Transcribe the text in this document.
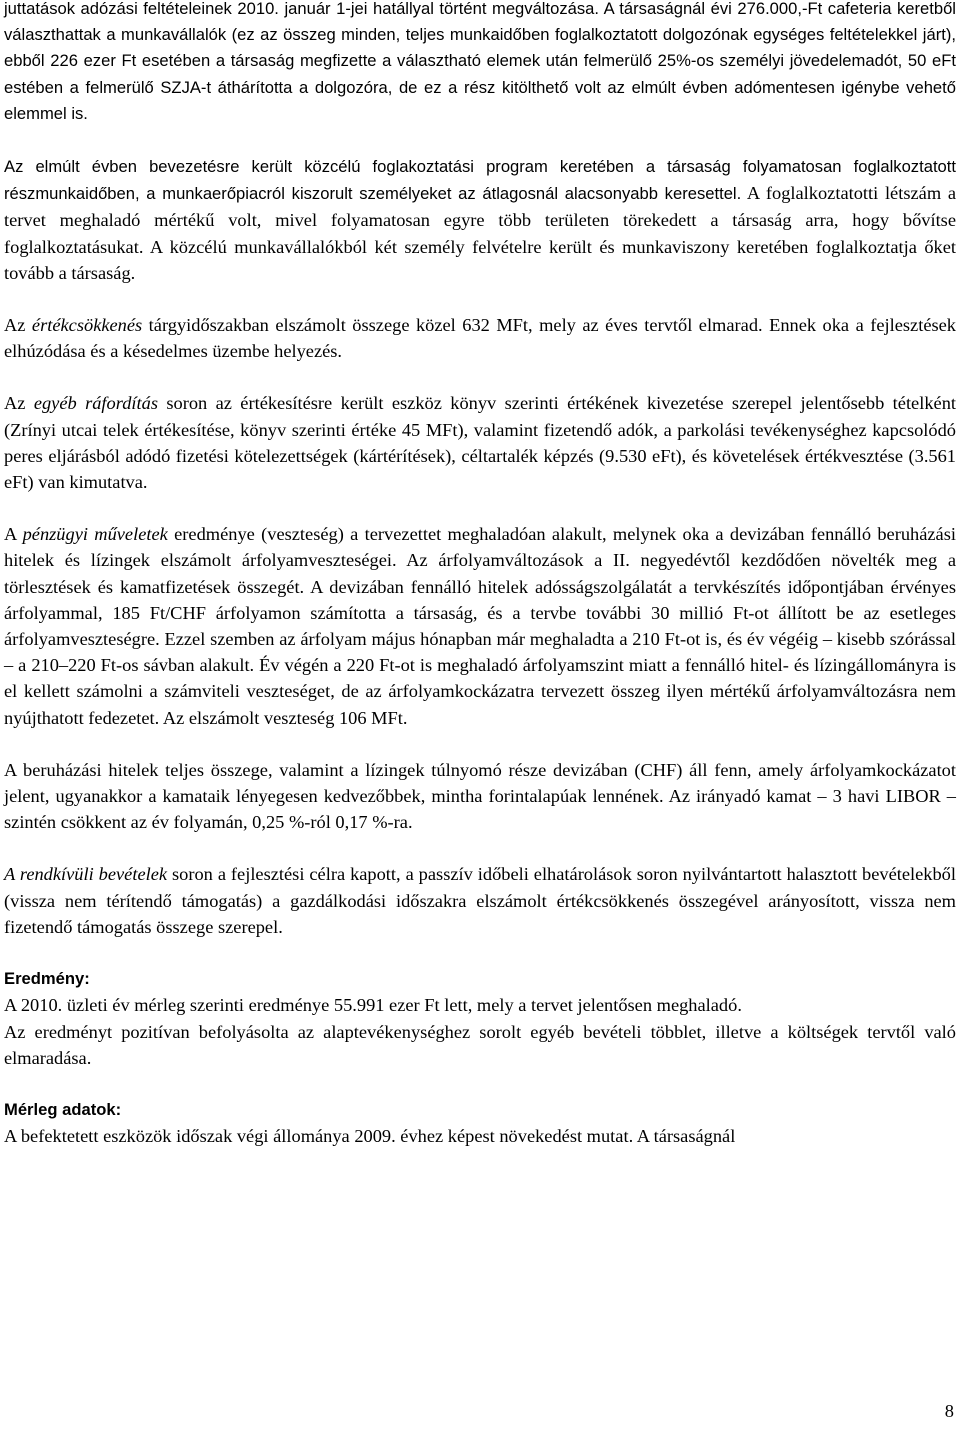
juttatások adózási feltételeinek 2010. január 1-jei hatállyal történt megváltozása. A társaságnál évi 276.000,-Ft cafeteria keretből választhattak a munkavállalók (ez az összeg minden, teljes munkaidőben foglalkoztatott dolgozónak egységes feltételekkel járt), ebből 226 ezer Ft esetében a társaság megfizette a választható elemek után felmerülő 25%-os személyi jövedelemadót, 50 eFt estében a felmerülő SZJA-t áthárította a dolgozóra, de ez a rész kitölthető volt az elmúlt évben adómentesen igénybe vehető elemmel is.

Az elmúlt évben bevezetésre került közcélú foglakoztatási program keretében a társaság folyamatosan foglalkoztatott részmunkaidőben, a munkaerőpiacról kiszorult személyeket az átlagosnál alacsonyabb keresettel. A foglalkoztatotti létszám a tervet meghaladó mértékű volt, mivel folyamatosan egyre több területen törekedett a társaság arra, hogy bővítse foglalkoztatásukat. A közcélú munkavállalókból két személy felvételre került és munkaviszony keretében foglalkoztatja őket tovább a társaság.

Az értékcsökkenés tárgyidőszakban elszámolt összege közel 632 MFt, mely az éves tervtől elmarad. Ennek oka a fejlesztések elhúzódása és a késedelmes üzembe helyezés.

Az egyéb ráfordítás soron az értékesítésre került eszköz könyv szerinti értékének kivezetése szerepel jelentősebb tételként (Zrínyi utcai telek értékesítése, könyv szerinti értéke 45 MFt), valamint fizetendő adók, a parkolási tevékenységhez kapcsolódó peres eljárásból adódó fizetési kötelezettségek (kártérítések), céltartalék képzés (9.530 eFt), és követelések értékvesztése (3.561 eFt) van kimutatva.

A pénzügyi műveletek eredménye (veszteség) a tervezettet meghaladóan alakult, melynek oka a devizában fennálló beruházási hitelek és lízingek elszámolt árfolyamveszteségei. Az árfolyamváltozások a II. negyedévtől kezdődően növelték meg a törlesztések és kamatfizetések összegét. A devizában fennálló hitelek adósságszolgálatát a tervkészítés időpontjában érvényes árfolyammal, 185 Ft/CHF árfolyamon számította a társaság, és a tervbe további 30 millió Ft-ot állított be az esetleges árfolyamveszteségre. Ezzel szemben az árfolyam május hónapban már meghaladta a 210 Ft-ot is, és év végéig – kisebb szórással – a 210–220 Ft-os sávban alakult. Év végén a 220 Ft-ot is meghaladó árfolyamszint miatt a fennálló hitel- és lízingállományra is el kellett számolni a számviteli veszteséget, de az árfolyamkockázatra tervezett összeg ilyen mértékű árfolyamváltozásra nem nyújthatott fedezetet. Az elszámolt veszteség 106 MFt.

A beruházási hitelek teljes összege, valamint a lízingek túlnyomó része devizában (CHF) áll fenn, amely árfolyamkockázatot jelent, ugyanakkor a kamataik lényegesen kedvezőbbek, mintha forintalapúak lennének. Az irányadó kamat – 3 havi LIBOR – szintén csökkent az év folyamán, 0,25 %-ról 0,17 %-ra.

A rendkívüli bevételek soron a fejlesztési célra kapott, a passzív időbeli elhatárolások soron nyilvántartott halasztott bevételekből (vissza nem térítendő támogatás) a gazdálkodási időszakra elszámolt értékcsökkenés összegével arányosított, vissza nem fizetendő támogatás összege szerepel.

Eredmény:

A 2010. üzleti év mérleg szerinti eredménye 55.991 ezer Ft lett, mely a tervet jelentősen meghaladó.

Az eredményt pozitívan befolyásolta az alaptevékenységhez sorolt egyéb bevételi többlet, illetve a költségek tervtől való elmaradása.

Mérleg adatok:

A befektetett eszközök időszak végi állománya 2009. évhez képest növekedést mutat. A társaságnál

8
